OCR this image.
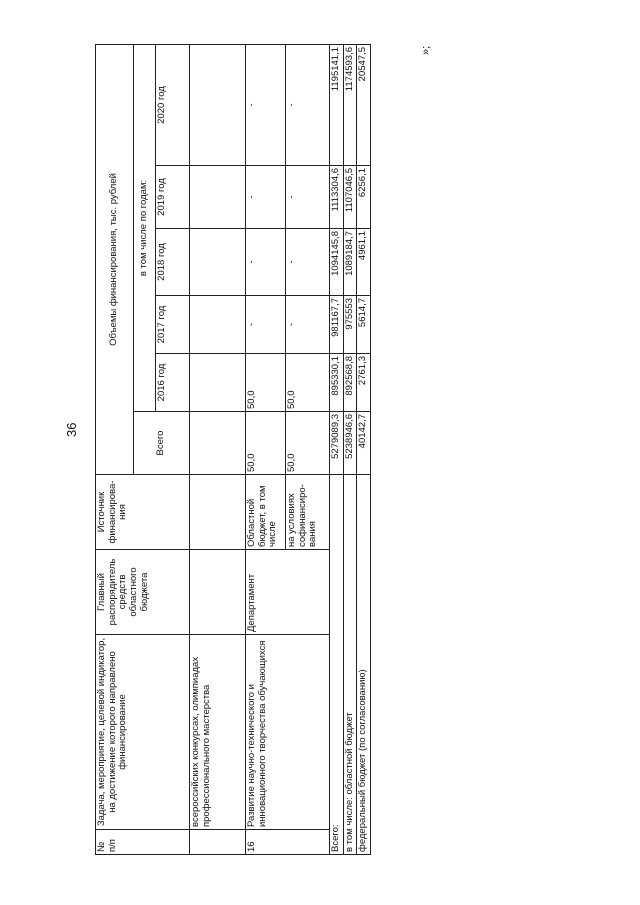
36
№ п/п	Задача, мероприятие, целевой индикатор, на достижение которого направлено финансирование	Главный распорядитель средств областного бюджета	Источник финансирова-ния	Объемы финансирования, тыс. рублей					
				Всего	в том числе по годам:				
					2016 год	2017 год	2018 год	2019 год	2020 год
	всероссийских конкурсах, олимпиадах профессионального мастерства								
16	Развитие научно-технического и инновационного творчества обучающихся	Департамент	Областной бюджет, в том числе	50,0	50,0	-	-	-	-
			на условиях софинансиро-вания	50,0	50,0	-	-	-	-
Всего:				5279089,3	895330,1	981167,7	1094145,8	1113304,6	1195141,1
в том числе: областной бюджет				5238946,6	892568,8	975553	1089184,7	1107046,5	1174593,6
федеральный бюджет (по согласованию)				40142,7	2761,3	5614,7	4961,1	6256,1	20547,5	»;
